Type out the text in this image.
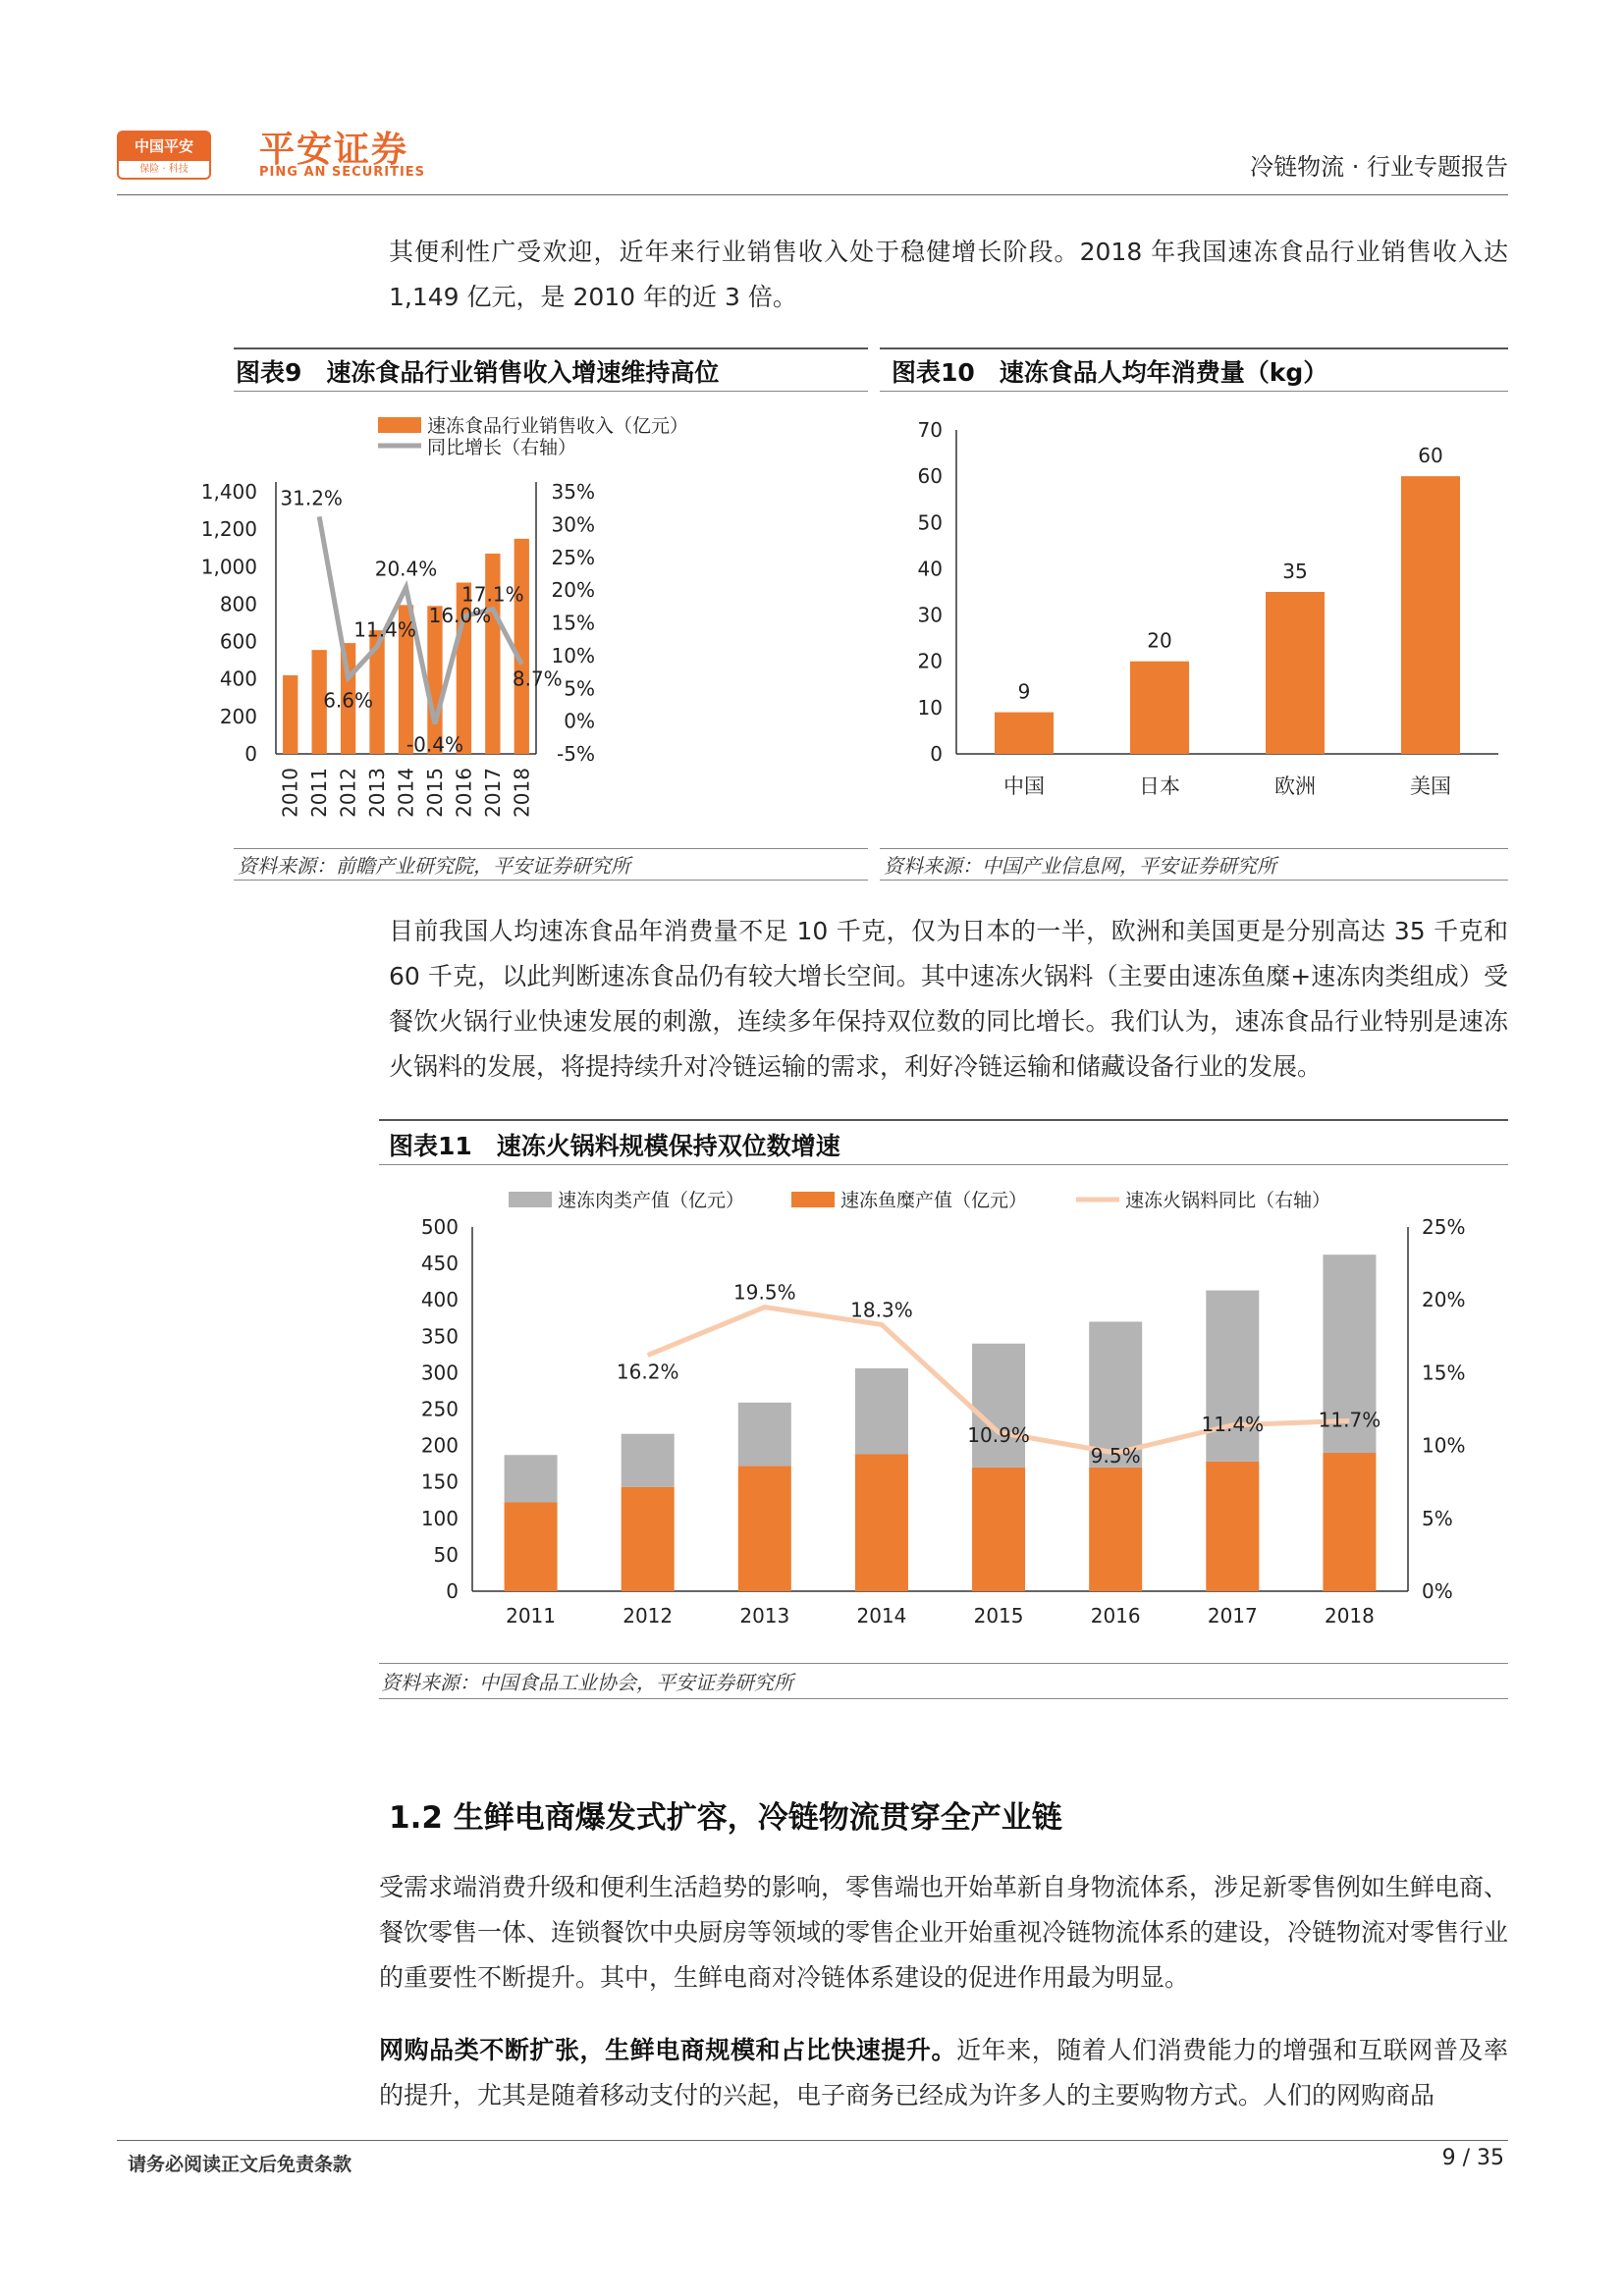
中国平安
保险 · 科技	平安证券
PING AN SECURITIES	冷链物流 · 行业专题报告
其便利性广受欢迎，近年来行业销售收入处于稳健增长阶段。2018 年我国速冻食品行业销售收入达 1,149 亿元，是 2010 年的近 3 倍。
图表9　速冻食品行业销售收入增速维持高位
0
200
400
600
800
1,000
1,200
1,400 31.2%
6.6%
11.4%
20.4%
-0.4%
16.0%
17.1%
8.7%
-5%
0%
5%
10%
15%
20%
25%
30%
35%
2010 2011 2012 2013 2014 2015 2016 2017 2018
速冻食品行业销售收入（亿元）
同比增长（右轴）
资料来源：前瞻产业研究院，平安证券研究所
图表10　速冻食品人均年消费量（kg）
0
10
20
30
40
50
60
70
9
20
35
60
中国	日本	欧洲	美国
资料来源：中国产业信息网，平安证券研究所
目前我国人均速冻食品年消费量不足 10 千克，仅为日本的一半，欧洲和美国更是分别高达 35 千克和 60 千克，以此判断速冻食品仍有较大增长空间。其中速冻火锅料（主要由速冻鱼糜+速冻肉类组成）受餐饮火锅行业快速发展的刺激，连续多年保持双位数的同比增长。我们认为，速冻食品行业特别是速冻火锅料的发展，将提持续升对冷链运输的需求，利好冷链运输和储藏设备行业的发展。
图表11　速冻火锅料规模保持双位数增速
0
50
100
150
200
250
300
350
400
450
500
0%
5%
10%
15%
20%
25%
16.2%
19.5%
18.3%
10.9%
9.5%
11.4%	11.7%
2011	2012	2013	2014	2015	2016	2017	2018
速冻肉类产值（亿元）	速冻鱼糜产值（亿元）	速冻火锅料同比（右轴）
资料来源：中国食品工业协会，平安证券研究所
1.2 生鲜电商爆发式扩容，冷链物流贯穿全产业链
受需求端消费升级和便利生活趋势的影响，零售端也开始革新自身物流体系，涉足新零售例如生鲜电商、餐饮零售一体、连锁餐饮中央厨房等领域的零售企业开始重视冷链物流体系的建设，冷链物流对零售行业的重要性不断提升。其中，生鲜电商对冷链体系建设的促进作用最为明显。
网购品类不断扩张，生鲜电商规模和占比快速提升。近年来，随着人们消费能力的增强和互联网普及率的提升，尤其是随着移动支付的兴起，电子商务已经成为许多人的主要购物方式。人们的网购商品
请务必阅读正文后免责条款	9 / 35
